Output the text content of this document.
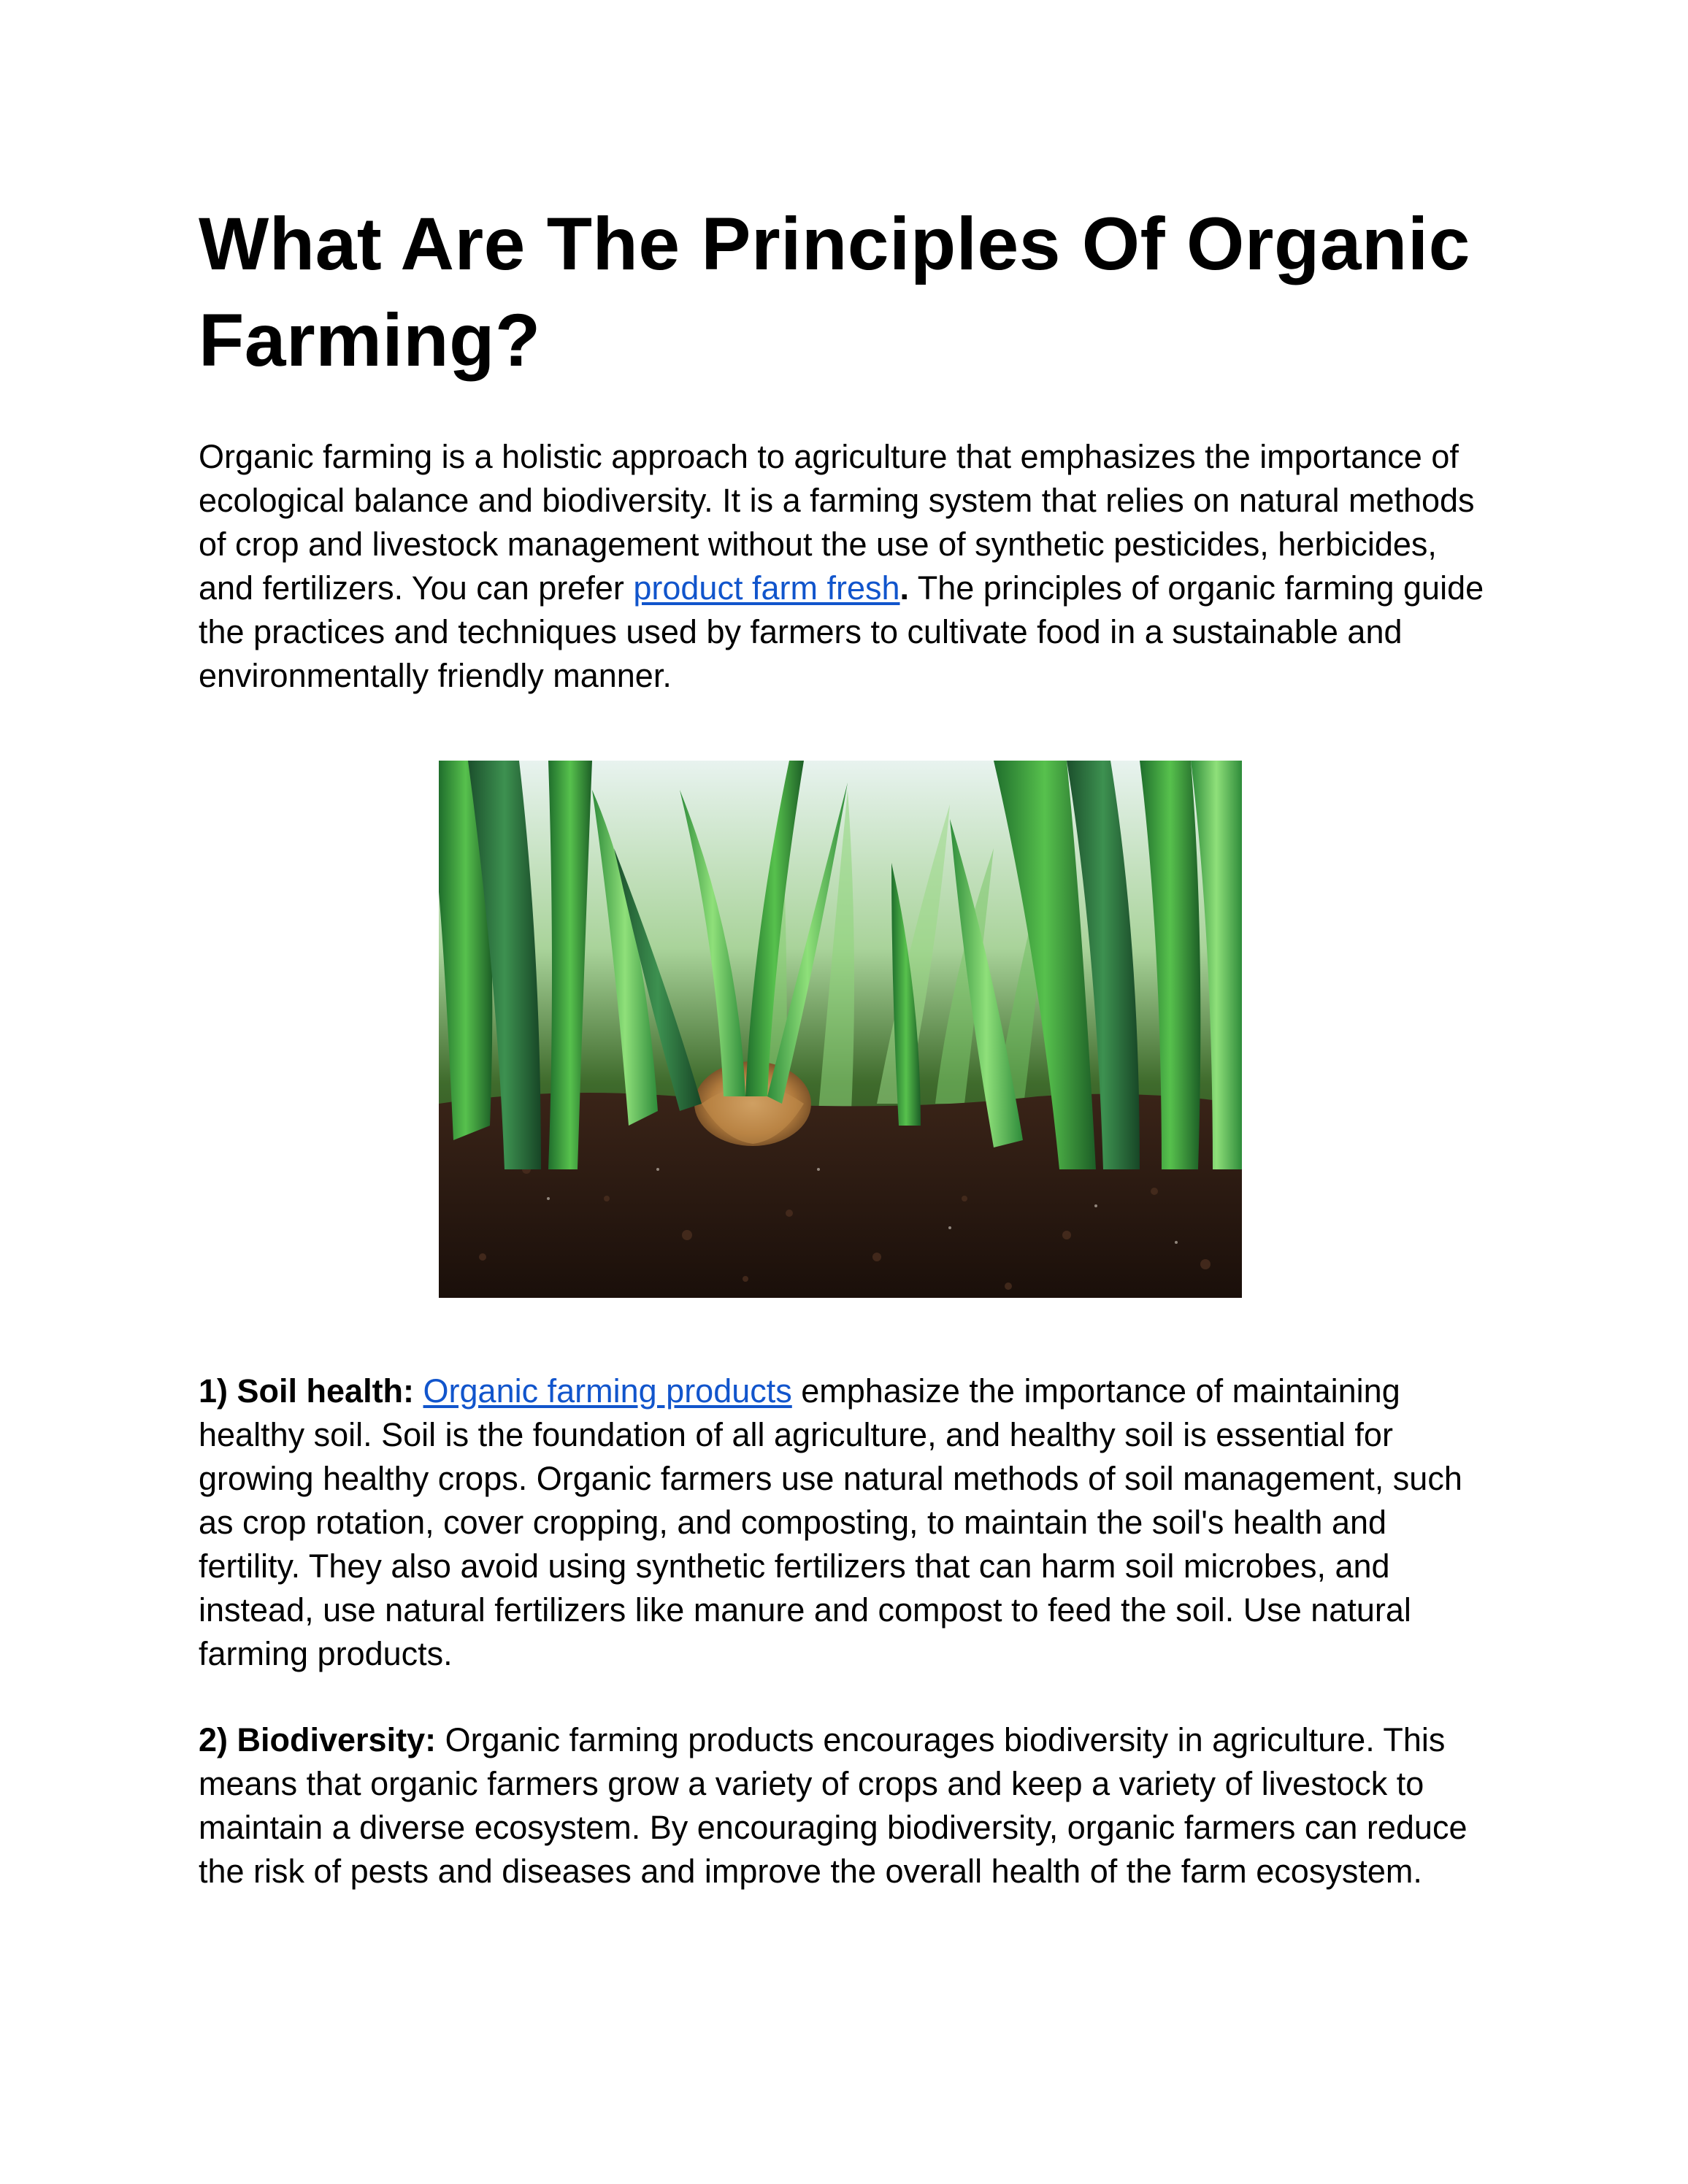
What Are The Principles Of Organic Farming?

Organic farming is a holistic approach to agriculture that emphasizes the importance of ecological balance and biodiversity. It is a farming system that relies on natural methods of crop and livestock management without the use of synthetic pesticides, herbicides, and fertilizers. You can prefer product farm fresh. The principles of organic farming guide the practices and techniques used by farmers to cultivate food in a sustainable and environmentally friendly manner.

1) Soil health: Organic farming products emphasize the importance of maintaining healthy soil. Soil is the foundation of all agriculture, and healthy soil is essential for growing healthy crops. Organic farmers use natural methods of soil management, such as crop rotation, cover cropping, and composting, to maintain the soil's health and fertility. They also avoid using synthetic fertilizers that can harm soil microbes, and instead, use natural fertilizers like manure and compost to feed the soil. Use natural farming products.

2) Biodiversity: Organic farming products encourages biodiversity in agriculture. This means that organic farmers grow a variety of crops and keep a variety of livestock to maintain a diverse ecosystem. By encouraging biodiversity, organic farmers can reduce the risk of pests and diseases and improve the overall health of the farm ecosystem.
